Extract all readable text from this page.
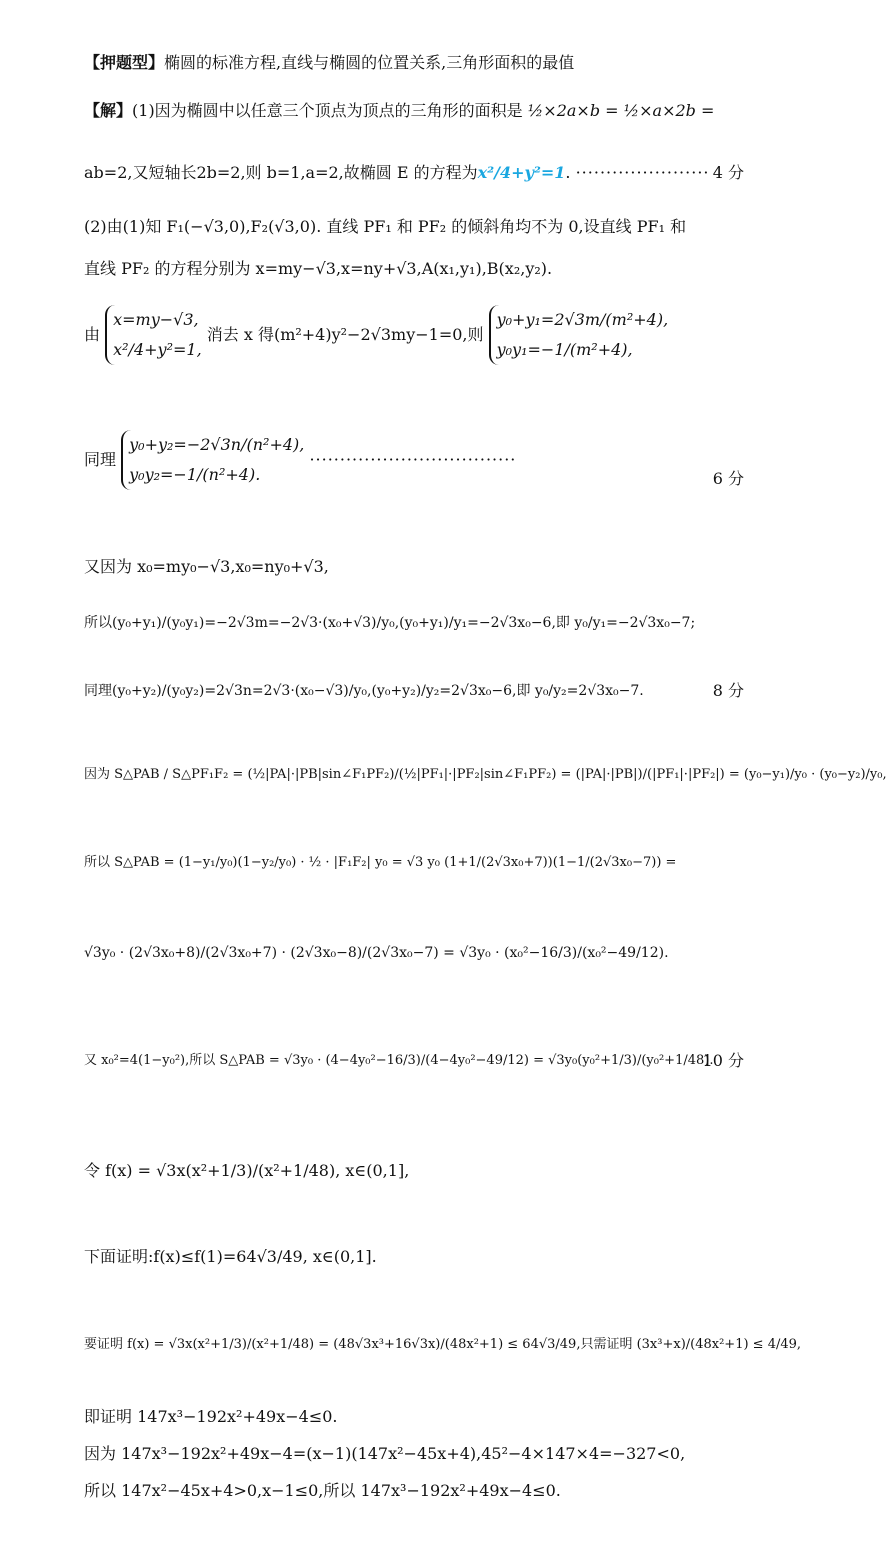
【押题型】椭圆的标准方程,直线与椭圆的位置关系,三角形面积的最值
【解】(1)因为椭圆中以任意三个顶点为顶点的三角形的面积是 ½×2a×b = ½×a×2b =
ab=2,又短轴长2b=2,则 b=1,a=2,故椭圆 E 的方程为x²/4+y²=1. ······················ 4 分
(2)由(1)知 F₁(−√3,0),F₂(√3,0). 直线 PF₁ 和 PF₂ 的倾斜角均不为 0,设直线 PF₁ 和
直线 PF₂ 的方程分别为 x=my−√3,x=ny+√3,A(x₁,y₁),B(x₂,y₂).
由
x=my−√3,
x²/4+y²=1,
消去 x 得(m²+4)y²−2√3my−1=0,则
y₀+y₁=2√3m/(m²+4),
y₀y₁=−1/(m²+4),
同理
y₀+y₂=−2√3n/(n²+4),
y₀y₂=−1/(n²+4).
··································
6 分
又因为 x₀=my₀−√3,x₀=ny₀+√3,
所以(y₀+y₁)/(y₀y₁)=−2√3m=−2√3·(x₀+√3)/y₀,(y₀+y₁)/y₁=−2√3x₀−6,即 y₀/y₁=−2√3x₀−7;
同理(y₀+y₂)/(y₀y₂)=2√3n=2√3·(x₀−√3)/y₀,(y₀+y₂)/y₂=2√3x₀−6,即 y₀/y₂=2√3x₀−7.	8 分
因为 S△PAB / S△PF₁F₂ = (½|PA|·|PB|sin∠F₁PF₂)/(½|PF₁|·|PF₂|sin∠F₁PF₂) = (|PA|·|PB|)/(|PF₁|·|PF₂|) = (y₀−y₁)/y₀ · (y₀−y₂)/y₀,
所以 S△PAB = (1−y₁/y₀)(1−y₂/y₀) · ½ · |F₁F₂| y₀ = √3 y₀ (1+1/(2√3x₀+7))(1−1/(2√3x₀−7)) =
√3y₀ · (2√3x₀+8)/(2√3x₀+7) · (2√3x₀−8)/(2√3x₀−7) = √3y₀ · (x₀²−16/3)/(x₀²−49/12).
又 x₀²=4(1−y₀²),所以 S△PAB = √3y₀ · (4−4y₀²−16/3)/(4−4y₀²−49/12) = √3y₀(y₀²+1/3)/(y₀²+1/48).
10 分
令 f(x) = √3x(x²+1/3)/(x²+1/48), x∈(0,1],
下面证明:f(x)≤f(1)=64√3/49, x∈(0,1].
要证明 f(x) = √3x(x²+1/3)/(x²+1/48) = (48√3x³+16√3x)/(48x²+1) ≤ 64√3/49,只需证明 (3x³+x)/(48x²+1) ≤ 4/49,
即证明 147x³−192x²+49x−4≤0.
因为 147x³−192x²+49x−4=(x−1)(147x²−45x+4),45²−4×147×4=−327<0,
所以 147x²−45x+4>0,x−1≤0,所以 147x³−192x²+49x−4≤0.
